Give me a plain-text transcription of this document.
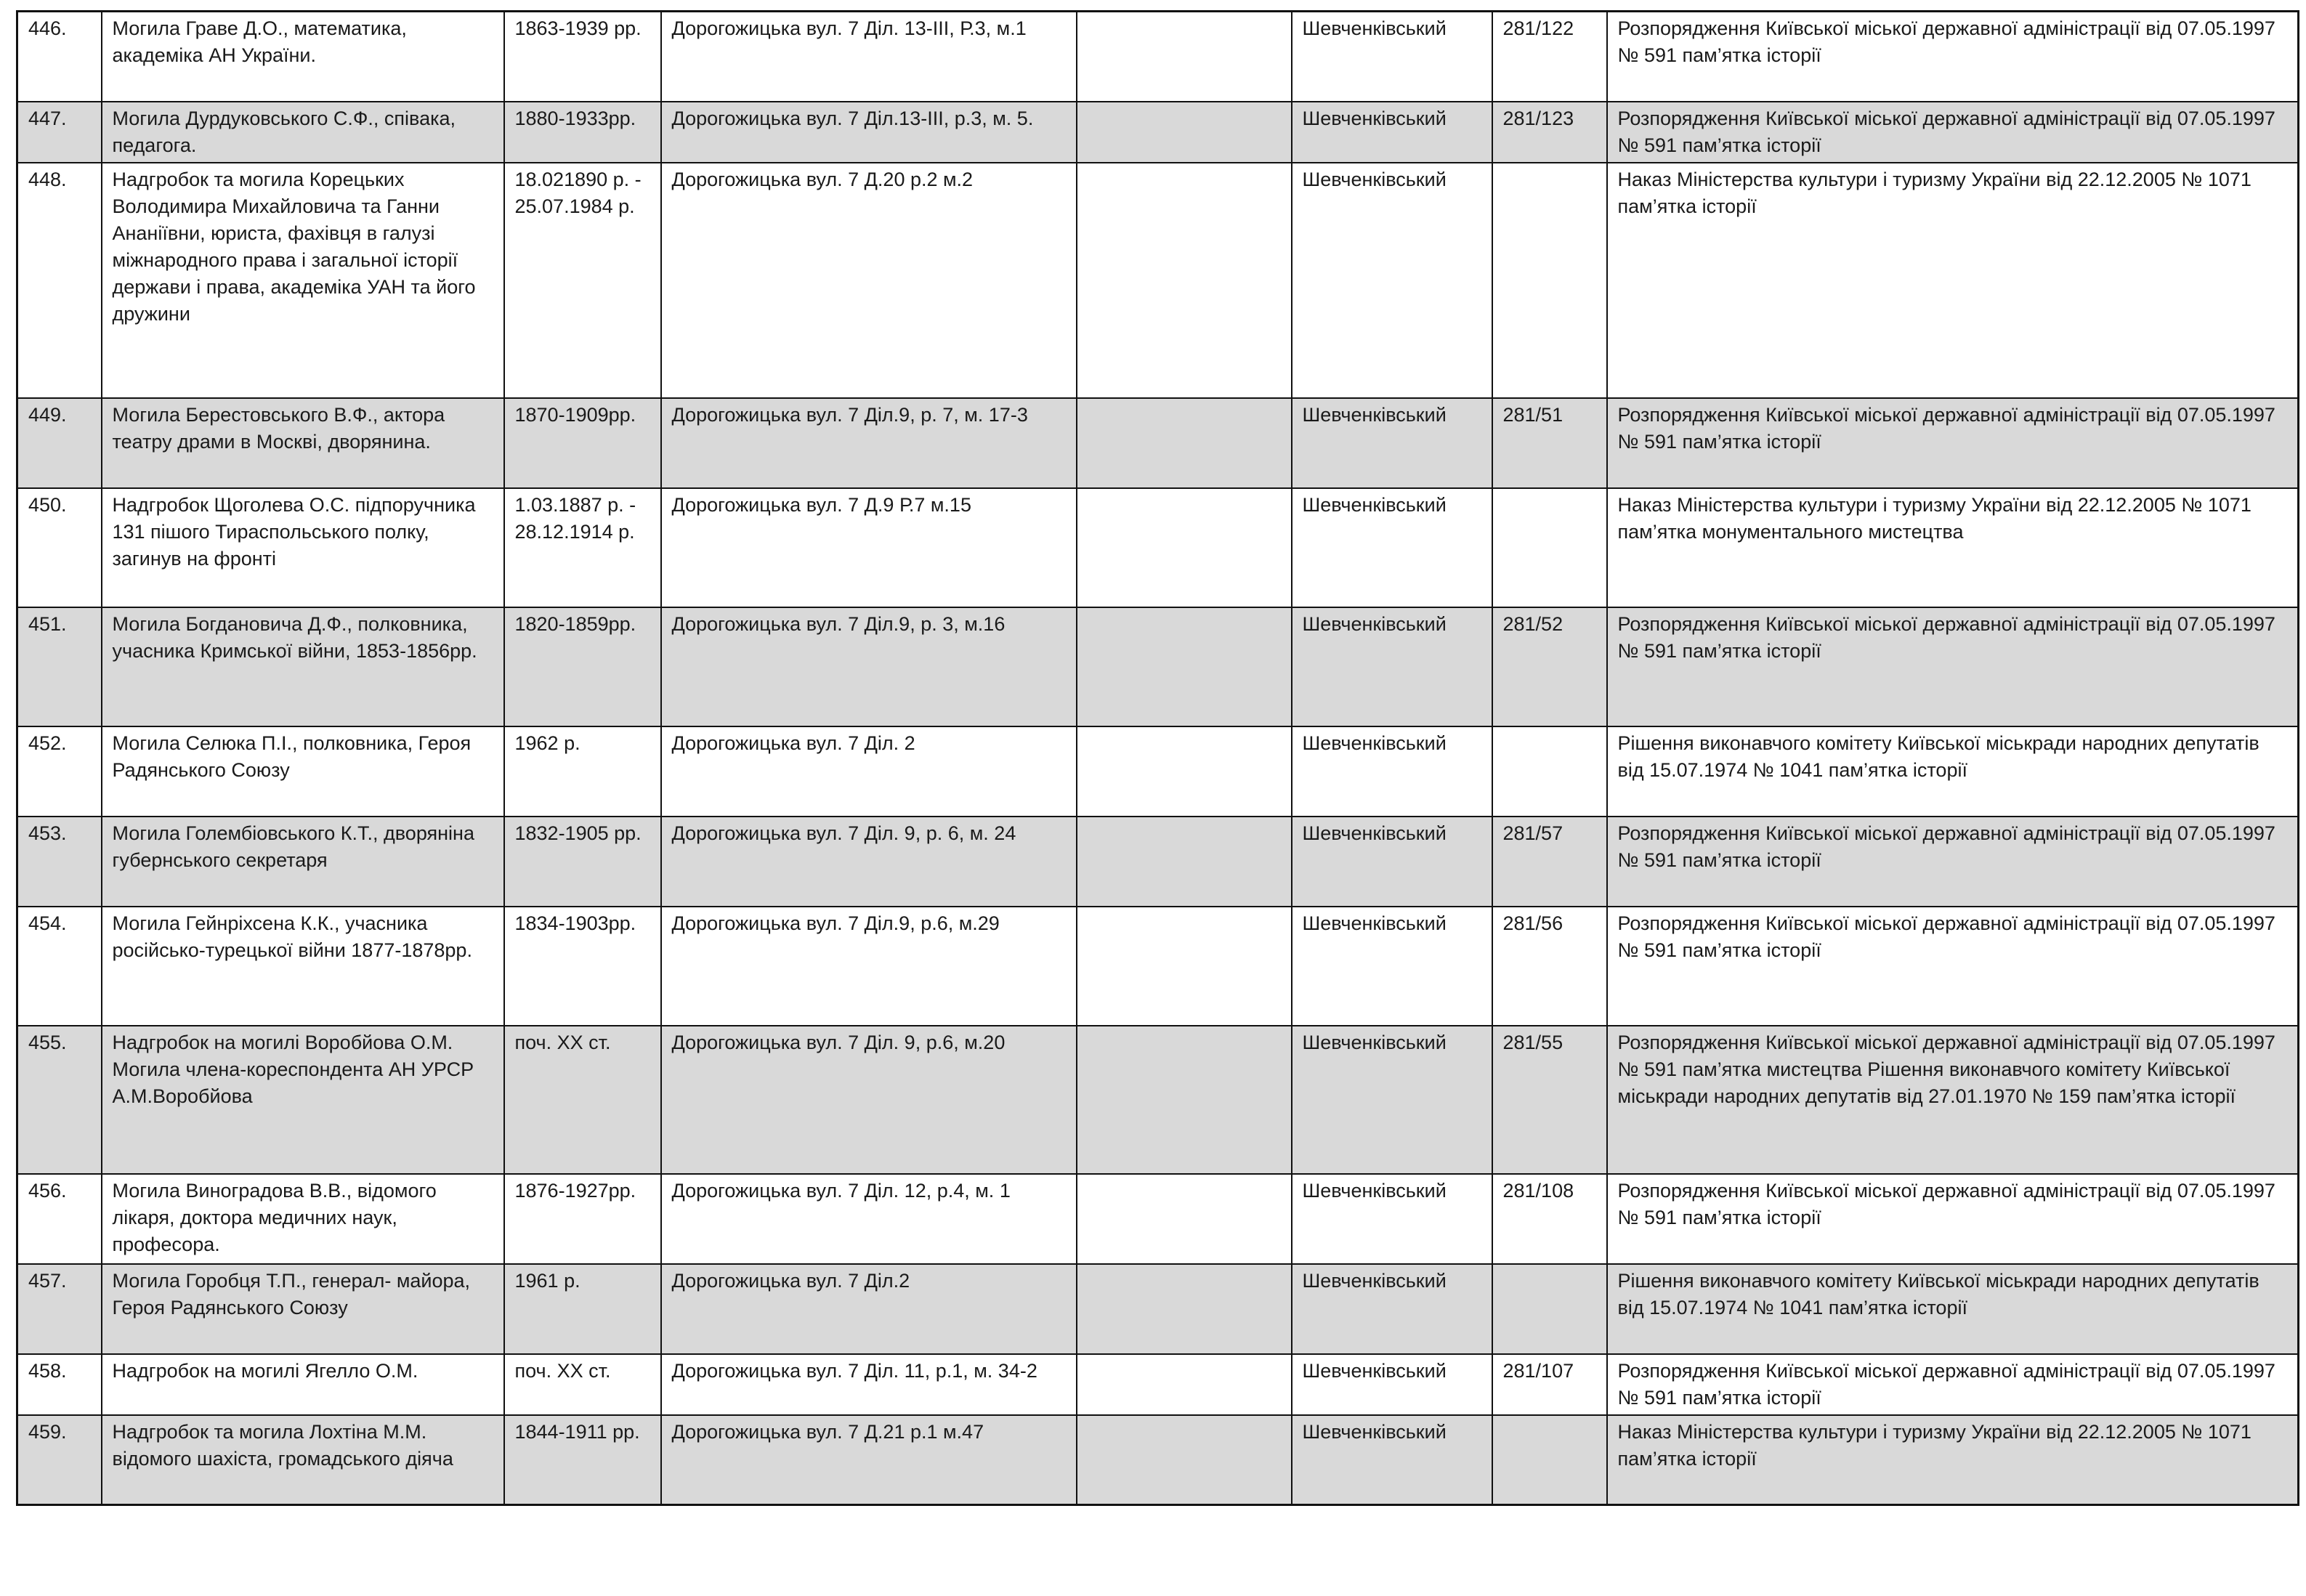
446.	Могила Граве Д.О., математика, академіка АН України.	1863-1939 рр.	Дорогожицька вул. 7 Діл. 13-ІІІ, Р.3, м.1		Шевченківський	281/122	Розпорядження Київської міської державної адміністрації від 07.05.1997 № 591 пам’ятка історії
447.	Могила Дурдуковського С.Ф., співака, педагога.	1880-1933рр.	Дорогожицька вул. 7 Діл.13-ІІІ, р.3, м. 5.		Шевченківський	281/123	Розпорядження Київської міської державної адміністрації від 07.05.1997 № 591 пам’ятка історії
448.	Надгробок та могила Корецьких Володимира Михайловича та Ганни Ананіївни, юриста, фахівця в галузі міжнародного права і загальної історії держави і права, академіка УАН та його дружини	18.021890 р. - 25.07.1984 р.	Дорогожицька вул. 7 Д.20 р.2 м.2		Шевченківський		Наказ Міністерства культури і туризму України від 22.12.2005 № 1071 пам’ятка історії
449.	Могила Берестовського В.Ф., актора театру драми в Москві, дворянина.	1870-1909рр.	Дорогожицька вул. 7 Діл.9, р. 7, м. 17-3		Шевченківський	281/51	Розпорядження Київської міської державної адміністрації від 07.05.1997 № 591 пам’ятка історії
450.	Надгробок Щоголева О.С. підпоручника 131 пішого Тираспольського полку, загинув на фронті	1.03.1887 р. - 28.12.1914 р.	Дорогожицька вул. 7 Д.9 Р.7 м.15		Шевченківський		Наказ Міністерства культури і туризму України від 22.12.2005 № 1071 пам’ятка монументального мистецтва
451.	Могила Богдановича Д.Ф., полковника, учасника Кримської війни, 1853-1856рр.	1820-1859рр.	Дорогожицька вул. 7 Діл.9, р. 3, м.16		Шевченківський	281/52	Розпорядження Київської міської державної адміністрації від 07.05.1997 № 591 пам’ятка історії
452.	Могила Селюка П.І., полковника, Героя Радянського Союзу	1962 р.	Дорогожицька вул. 7 Діл. 2		Шевченківський		Рішення виконавчого комітету Київської міськради народних депутатів від 15.07.1974 № 1041 пам’ятка історії
453.	Могила Голембіовського К.Т., дворяніна губернського секретаря	1832-1905 рр.	Дорогожицька вул. 7 Діл. 9, р. 6, м. 24		Шевченківський	281/57	Розпорядження Київської міської державної адміністрації від 07.05.1997 № 591 пам’ятка історії
454.	Могила Гейнріхсена К.К., учасника російсько-турецької війни 1877-1878рр.	1834-1903рр.	Дорогожицька вул. 7 Діл.9, р.6, м.29		Шевченківський	281/56	Розпорядження Київської міської державної адміністрації від 07.05.1997 № 591 пам’ятка історії
455.	Надгробок на могилі Воробйова О.М. Могила члена-кореспондента АН УРСР А.М.Воробйова	поч. ХХ ст.	Дорогожицька вул. 7 Діл. 9, р.6, м.20		Шевченківський	281/55	Розпорядження Київської міської державної адміністрації від 07.05.1997 № 591 пам’ятка мистецтва Рішення виконавчого комітету Київської міськради народних депутатів від 27.01.1970 № 159 пам’ятка історії
456.	Могила Виноградова В.В., відомого лікаря, доктора медичних наук, професора.	1876-1927рр.	Дорогожицька вул. 7 Діл. 12, р.4, м. 1		Шевченківський	281/108	Розпорядження Київської міської державної адміністрації від 07.05.1997 № 591 пам’ятка історії
457.	Могила Горобця Т.П., генерал- майора, Героя Радянського Союзу	1961 р.	Дорогожицька вул. 7 Діл.2		Шевченківський		Рішення виконавчого комітету Київської міськради народних депутатів від 15.07.1974 № 1041 пам’ятка історії
458.	Надгробок на могилі Ягелло О.М.	поч. ХХ ст.	Дорогожицька вул. 7 Діл. 11, р.1, м. 34-2		Шевченківський	281/107	Розпорядження Київської міської державної адміністрації від 07.05.1997 № 591 пам’ятка історії
459.	Надгробок та могила Лохтіна М.М. відомого шахіста, громадського діяча	1844-1911 рр.	Дорогожицька вул. 7 Д.21 р.1 м.47		Шевченківський		Наказ Міністерства культури і туризму України від 22.12.2005 № 1071 пам’ятка історії
